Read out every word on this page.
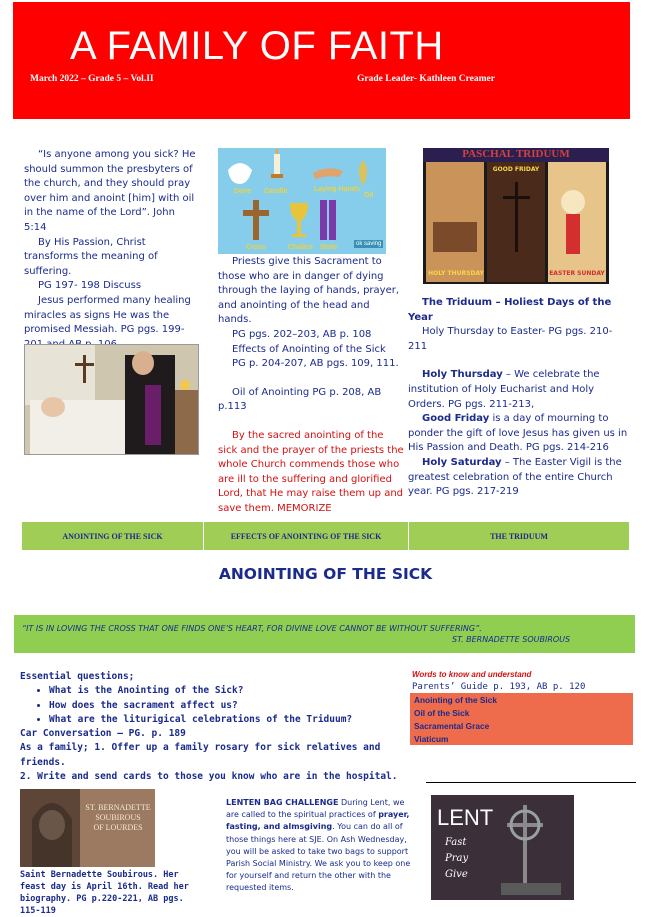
A FAMILY OF FAITH
March 2022 – Grade 5 – Vol.II	Grade Leader- Kathleen Creamer

“Is anyone among you sick? He should summon the presbyters of the church, and they should pray over him and anoint [him] with oil in the name of the Lord”. John 5:14

By His Passion, Christ transforms the meaning of suffering.

PG 197- 198 Discuss

Jesus performed many healing miracles as signs He was the promised Messiah. PG pgs. 199-

Dove Candle	Laying Hands
Oil
Cross	Chalice Stole	ok saving

Priests give this Sacrament to those who are in danger of dying through the laying of hands, prayer, and anointing of the head and hands.

PG pgs. 202–203, AB p. 108

Effects of Anointing of the Sick

PG p. 204-207, AB pgs. 109, 111.

Oil of Anointing PG p. 208, AB p.113

By the sacred anointing of the sick and the prayer of the priests the whole Church commends those who are ill to the suffering and glorified Lord, that He may raise them up and save them. MEMORIZE

PASCHAL TRIDUUM
HOLY THURSDAY
GOOD FRIDAY
EASTER SUNDAY

The Triduum – Holiest Days of the Year

Holy Thursday to Easter- PG pgs. 210-211

Holy Thursday – We celebrate the institution of Holy Eucharist and Holy Orders. PG pgs. 211-213,

Good Friday is a day of mourning to ponder the gift of love Jesus has given us in His Passion and Death. PG pgs. 214-216

Holy Saturday – The Easter Vigil is the greatest celebration of the entire Church year. PG pgs. 217-219

ANOINTING OF THE SICK	EFFECTS OF ANOINTING OF THE SICK	THE TRIDUUM
ANOINTING OF THE SICK
“IT IS IN LOVING THE CROSS THAT ONE FINDS ONE’S HEART, FOR DIVINE LOVE CANNOT BE WITHOUT SUFFERING”.
ST. BERNADETTE SOUBIROUS
Essential questions;
• What is the Anointing of the Sick?
• How does the sacrament affect us?
• What are the liturigical celebrations of the Triduum?
Car Conversation – PG. p. 189
As a family; 1. Offer up a family rosary for sick relatives and friends.
2. Write and send cards to those you know who are in the hospital.
Words to know and understand
Parents’ Guide p. 193, AB p. 120
Anointing of the Sick
Oil of the Sick
Sacramental Grace
Viaticum
ST. BERNADETTE
SOUBIROUS
OF LOURDES
Saint Bernadette Soubirous. Her feast day is April 16th. Read her biography. PG p.220-221, AB pgs. 115-119
LENTEN BAG CHALLENGE During Lent, we are called to the spiritual practices of prayer, fasting, and almsgiving. You can do all of those things here at SJE. On Ash Wednesday, you will be asked to take two bags to support Parish Social Ministry. We ask you to keep one for yourself and return the other with the requested items.
LENT
Fast
Pray
Give
